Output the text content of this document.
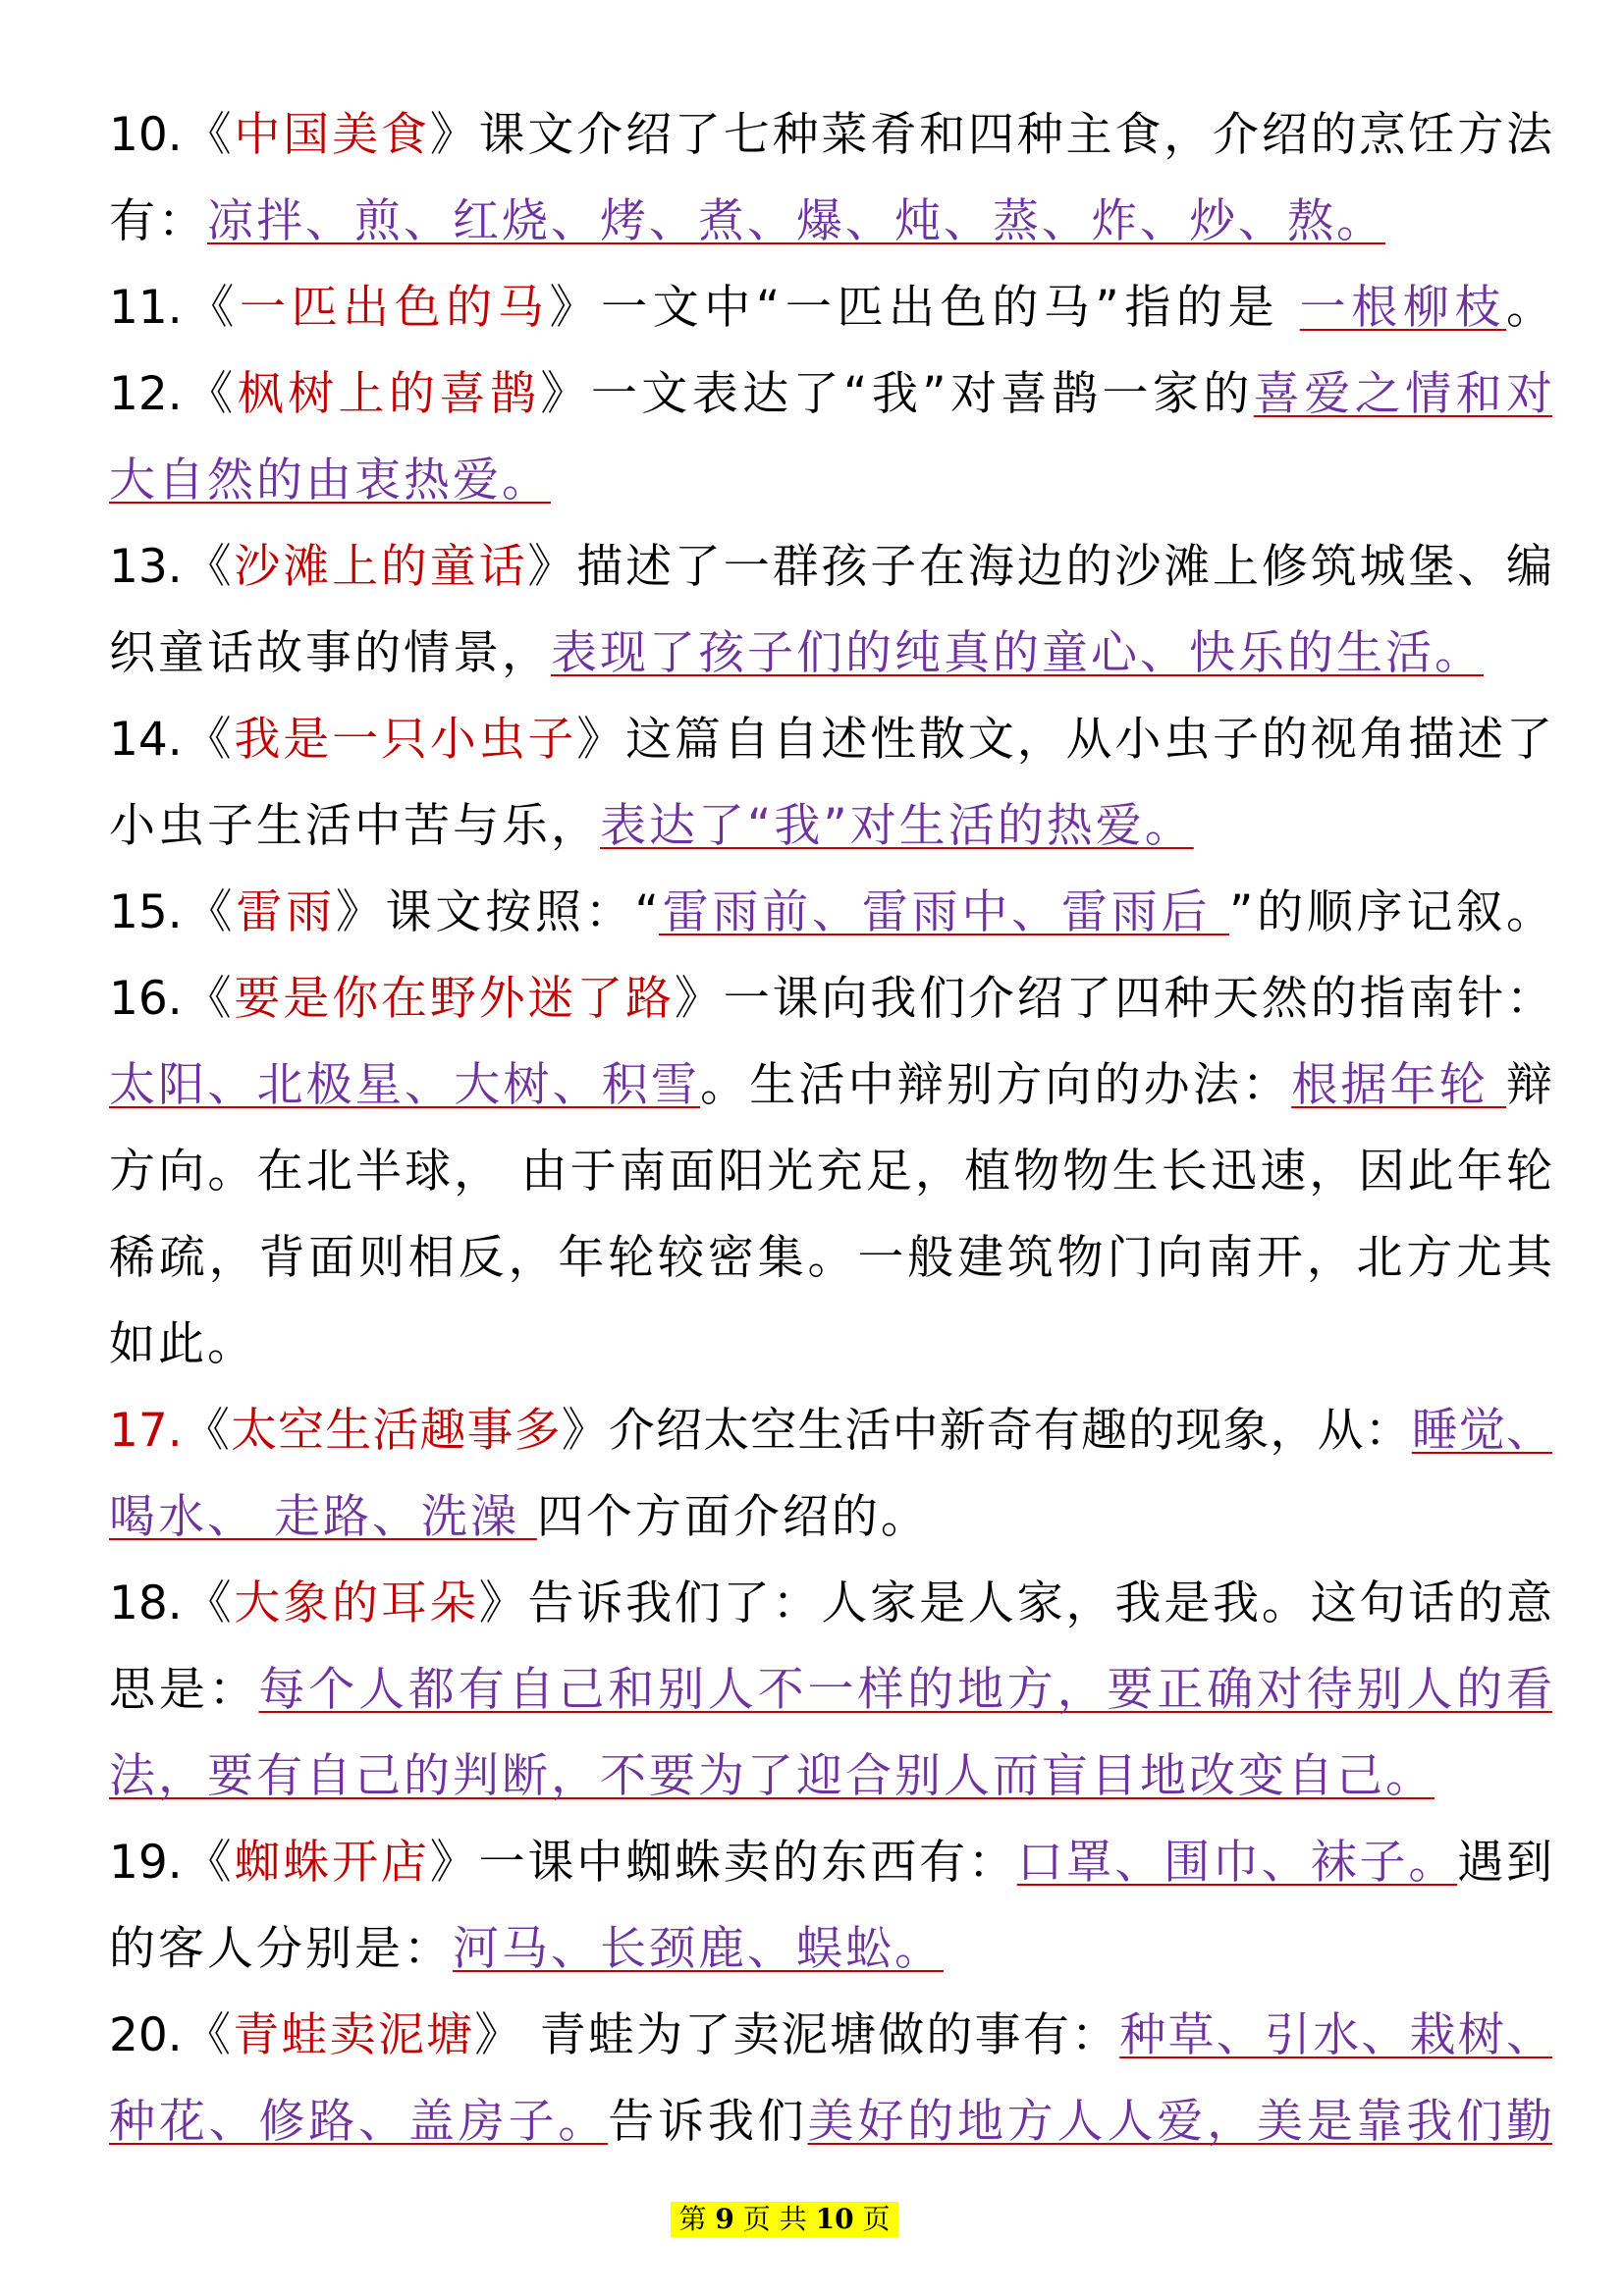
10.《中国美食》课文介绍了七种菜肴和四种主食，介绍的烹饪方法
有：凉拌、煎、红烧、烤、煮、爆、炖、蒸、炸、炒、熬。
11.《一匹出色的马》一文中“一匹出色的马”指的是 一根柳枝。
12.《枫树上的喜鹊》一文表达了“我”对喜鹊一家的喜爱之情和对
大自然的由衷热爱。
13.《沙滩上的童话》描述了一群孩子在海边的沙滩上修筑城堡、编
织童话故事的情景，表现了孩子们的纯真的童心、快乐的生活。
14.《我是一只小虫子》这篇自自述性散文，从小虫子的视角描述了
小虫子生活中苦与乐，表达了“我”对生活的热爱。
15.《雷雨》课文按照：“雷雨前、雷雨中、雷雨后 ”的顺序记叙。
16.《要是你在野外迷了路》一课向我们介绍了四种天然的指南针：
太阳、北极星、大树、积雪。生活中辩别方向的办法：根据年轮 辩
方向。在北半球， 由于南面阳光充足，植物物生长迅速，因此年轮
稀疏，背面则相反，年轮较密集。一般建筑物门向南开，北方尤其
如此。
17.《太空生活趣事多》介绍太空生活中新奇有趣的现象，从：睡觉、
喝水、 走路、洗澡 四个方面介绍的。
18.《大象的耳朵》告诉我们了：人家是人家，我是我。这句话的意
思是：每个人都有自己和别人不一样的地方，要正确对待别人的看
法，要有自己的判断，不要为了迎合别人而盲目地改变自己。
19.《蜘蛛开店》一课中蜘蛛卖的东西有：口罩、围巾、袜子。遇到
的客人分别是：河马、长颈鹿、蜈蚣。
20.《青蛙卖泥塘》 青蛙为了卖泥塘做的事有：种草、引水、栽树、
种花、修路、盖房子。告诉我们美好的地方人人爱，美是靠我们勤
第 9 页 共 10 页
